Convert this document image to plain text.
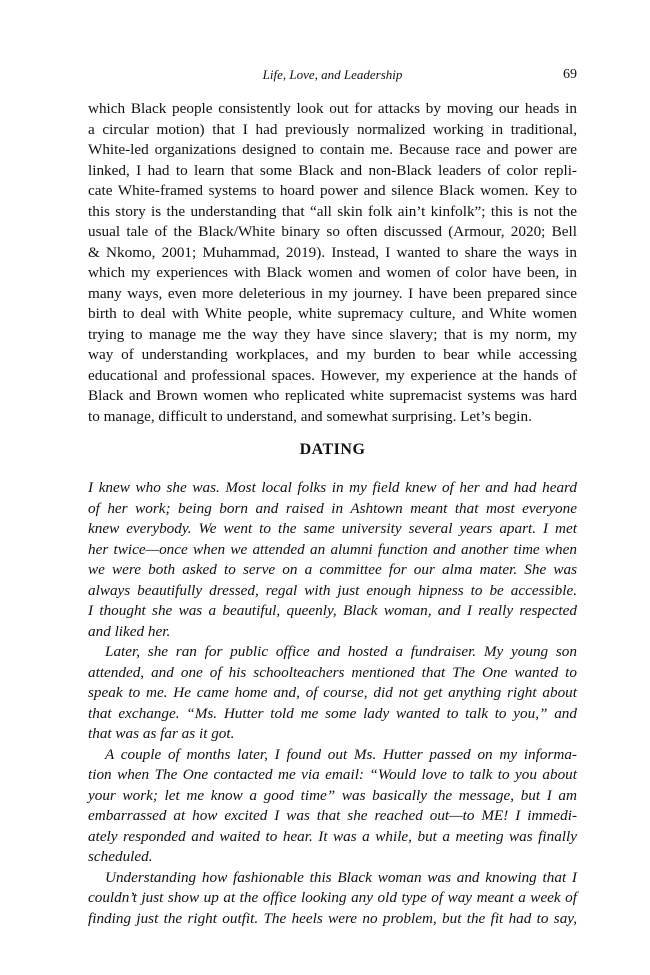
Life, Love, and Leadership	69
which Black people consistently look out for attacks by moving our heads in
a circular motion) that I had previously normalized working in traditional,
White-led organizations designed to contain me. Because race and power are
linked, I had to learn that some Black and non-Black leaders of color repli-
cate White-framed systems to hoard power and silence Black women. Key to
this story is the understanding that “all skin folk ain’t kinfolk”; this is not the
usual tale of the Black/White binary so often discussed (Armour, 2020; Bell
& Nkomo, 2001; Muhammad, 2019). Instead, I wanted to share the ways in
which my experiences with Black women and women of color have been, in
many ways, even more deleterious in my journey. I have been prepared since
birth to deal with White people, white supremacy culture, and White women
trying to manage me the way they have since slavery; that is my norm, my
way of understanding workplaces, and my burden to bear while accessing
educational and professional spaces. However, my experience at the hands of
Black and Brown women who replicated white supremacist systems was hard
to manage, difficult to understand, and somewhat surprising. Let’s begin.
DATING
I knew who she was. Most local folks in my field knew of her and had heard
of her work; being born and raised in Ashtown meant that most everyone
knew everybody. We went to the same university several years apart. I met
her twice—once when we attended an alumni function and another time when
we were both asked to serve on a committee for our alma mater. She was
always beautifully dressed, regal with just enough hipness to be accessible.
I thought she was a beautiful, queenly, Black woman, and I really respected
and liked her.
Later, she ran for public office and hosted a fundraiser. My young son
attended, and one of his schoolteachers mentioned that The One wanted to
speak to me. He came home and, of course, did not get anything right about
that exchange. “Ms. Hutter told me some lady wanted to talk to you,” and
that was as far as it got.
A couple of months later, I found out Ms. Hutter passed on my informa-
tion when The One contacted me via email: “Would love to talk to you about
your work; let me know a good time” was basically the message, but I am
embarrassed at how excited I was that she reached out—to ME! I immedi-
ately responded and waited to hear. It was a while, but a meeting was finally
scheduled.
Understanding how fashionable this Black woman was and knowing that I
couldn’t just show up at the office looking any old type of way meant a week of
finding just the right outfit. The heels were no problem, but the fit had to say,
